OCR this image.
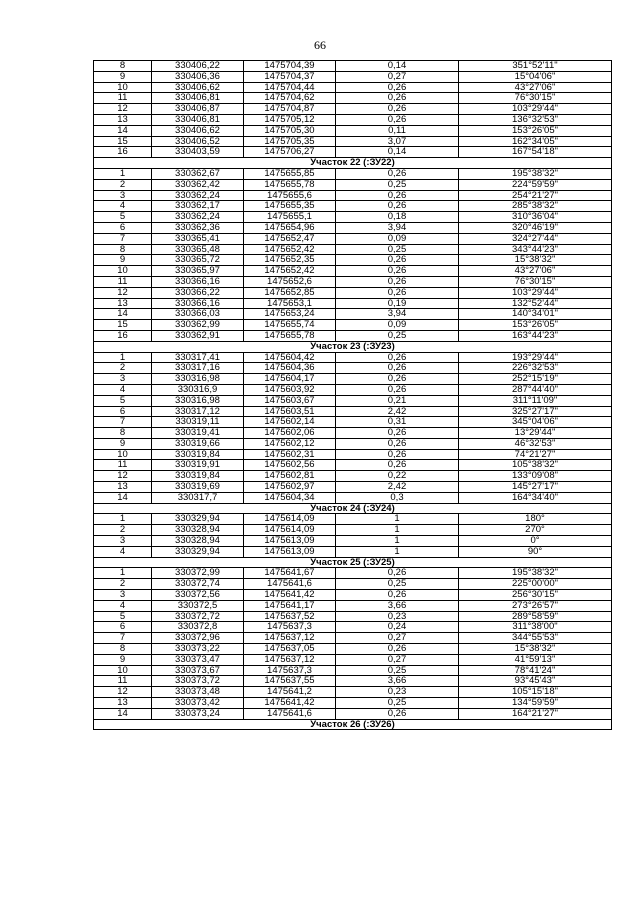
66
8	330406,22	1475704,39	0,14	351°52'11"
9	330406,36	1475704,37	0,27	15°04'06"
10	330406,62	1475704,44	0,26	43°27'06"
11	330406,81	1475704,62	0,26	76°30'15"
12	330406,87	1475704,87	0,26	103°29'44"
13	330406,81	1475705,12	0,26	136°32'53"
14	330406,62	1475705,30	0,11	153°26'05"
15	330406,52	1475705,35	3,07	162°34'05"
16	330403,59	1475706,27	0,14	167°54'18"
Участок 22 (:ЗУ22)				
1	330362,67	1475655,85	0,26	195°38'32"
2	330362,42	1475655,78	0,25	224°59'59"
3	330362,24	1475655,6	0,26	254°21'27"
4	330362,17	1475655,35	0,26	285°38'32"
5	330362,24	1475655,1	0,18	310°36'04"
6	330362,36	1475654,96	3,94	320°46'19"
7	330365,41	1475652,47	0,09	324°27'44"
8	330365,48	1475652,42	0,25	343°44'23"
9	330365,72	1475652,35	0,26	15°38'32"
10	330365,97	1475652,42	0,26	43°27'06"
11	330366,16	1475652,6	0,26	76°30'15"
12	330366,22	1475652,85	0,26	103°29'44"
13	330366,16	1475653,1	0,19	132°52'44"
14	330366,03	1475653,24	3,94	140°34'01"
15	330362,99	1475655,74	0,09	153°26'05"
16	330362,91	1475655,78	0,25	163°44'23"
Участок 23 (:ЗУ23)				
1	330317,41	1475604,42	0,26	193°29'44"
2	330317,16	1475604,36	0,26	226°32'53"
3	330316,98	1475604,17	0,26	252°15'19"
4	330316,9	1475603,92	0,26	287°44'40"
5	330316,98	1475603,67	0,21	311°11'09"
6	330317,12	1475603,51	2,42	325°27'17"
7	330319,11	1475602,14	0,31	345°04'06"
8	330319,41	1475602,06	0,26	13°29'44"
9	330319,66	1475602,12	0,26	46°32'53"
10	330319,84	1475602,31	0,26	74°21'27"
11	330319,91	1475602,56	0,26	105°38'32"
12	330319,84	1475602,81	0,22	133°09'08"
13	330319,69	1475602,97	2,42	145°27'17"
14	330317,7	1475604,34	0,3	164°34'40"
Участок 24 (:ЗУ24)				
1	330329,94	1475614,09	1	180°
2	330328,94	1475614,09	1	270°
3	330328,94	1475613,09	1	0°
4	330329,94	1475613,09	1	90°
Участок 25 (:ЗУ25)				
1	330372,99	1475641,67	0,26	195°38'32"
2	330372,74	1475641,6	0,25	225°00'00"
3	330372,56	1475641,42	0,26	256°30'15"
4	330372,5	1475641,17	3,66	273°26'57"
5	330372,72	1475637,52	0,23	289°58'59"
6	330372,8	1475637,3	0,24	311°38'00"
7	330372,96	1475637,12	0,27	344°55'53"
8	330373,22	1475637,05	0,26	15°38'32"
9	330373,47	1475637,12	0,27	41°59'13"
10	330373,67	1475637,3	0,25	78°41'24"
11	330373,72	1475637,55	3,66	93°45'43"
12	330373,48	1475641,2	0,23	105°15'18"
13	330373,42	1475641,42	0,25	134°59'59"
14	330373,24	1475641,6	0,26	164°21'27"
Участок 26 (:ЗУ26)				
